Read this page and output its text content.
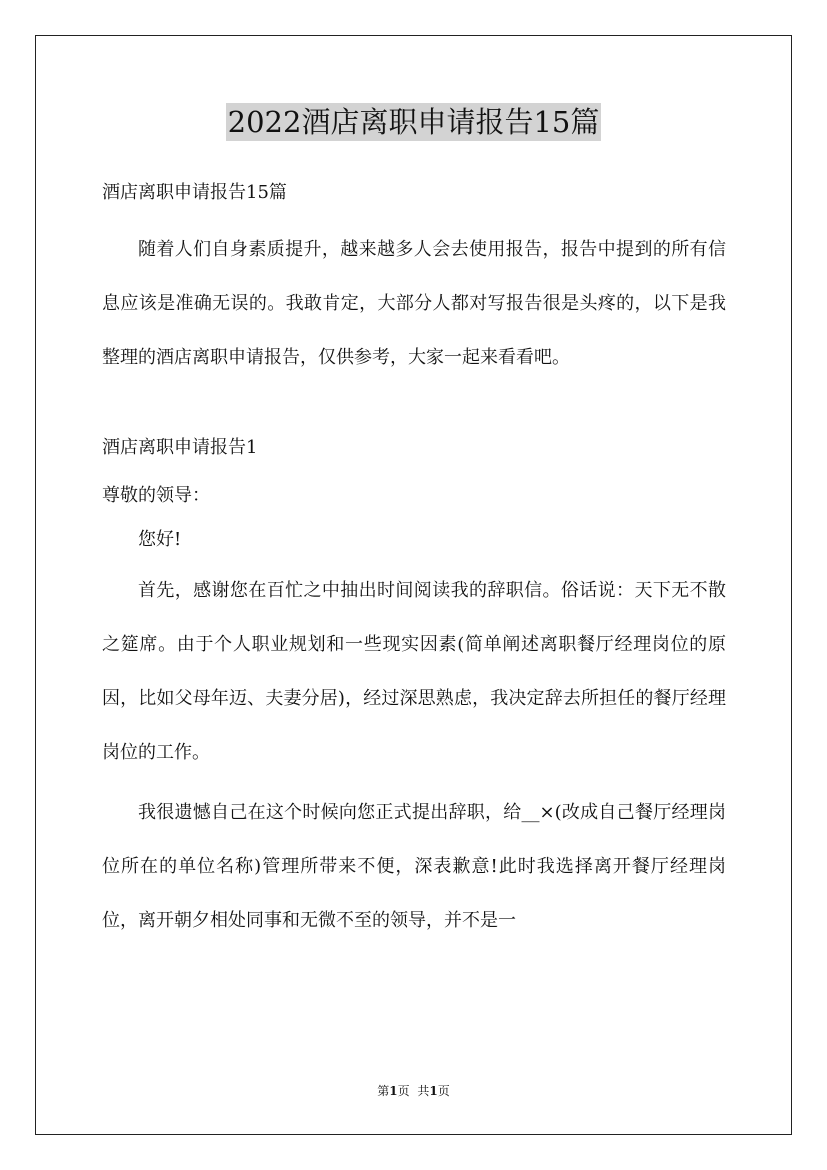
2022酒店离职申请报告15篇

酒店离职申请报告15篇

随着人们自身素质提升，越来越多人会去使用报告，报告中提到的所有信息应该是准确无误的。我敢肯定，大部分人都对写报告很是头疼的，以下是我整理的酒店离职申请报告，仅供参考，大家一起来看看吧。

酒店离职申请报告1

尊敬的领导：

您好!

首先，感谢您在百忙之中抽出时间阅读我的辞职信。俗话说：天下无不散之筵席。由于个人职业规划和一些现实因素(简单阐述离职餐厅经理岗位的原因，比如父母年迈、夫妻分居)，经过深思熟虑，我决定辞去所担任的餐厅经理岗位的工作。

我很遗憾自己在这个时候向您正式提出辞职，给__×(改成自己餐厅经理岗位所在的单位名称)管理所带来不便，深表歉意!此时我选择离开餐厅经理岗位，离开朝夕相处同事和无微不至的领导，并不是一

第1页 共1页
